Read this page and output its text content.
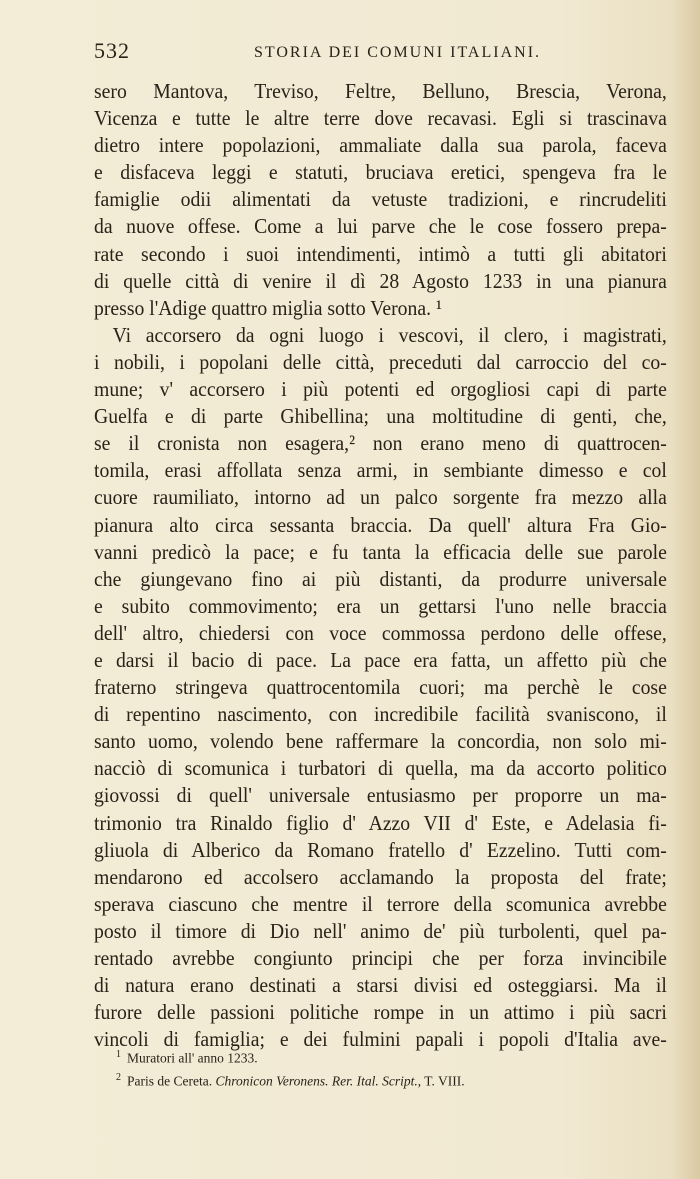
532	STORIA DEI COMUNI ITALIANI.
sero Mantova, Treviso, Feltre, Belluno, Brescia, Verona,
Vicenza e tutte le altre terre dove recavasi. Egli si trascinava
dietro intere popolazioni, ammaliate dalla sua parola, faceva
e disfaceva leggi e statuti, bruciava eretici, spengeva fra le
famiglie odii alimentati da vetuste tradizioni, e rincrudeliti
da nuove offese. Come a lui parve che le cose fossero prepa-
rate secondo i suoi intendimenti, intimò a tutti gli abitatori
di quelle città di venire il dì 28 Agosto 1233 in una pianura
presso l'Adige quattro miglia sotto Verona. ¹
Vi accorsero da ogni luogo i vescovi, il clero, i magistrati,
i nobili, i popolani delle città, preceduti dal carroccio del co-
mune; v' accorsero i più potenti ed orgogliosi capi di parte
Guelfa e di parte Ghibellina; una moltitudine di genti, che,
se il cronista non esagera,² non erano meno di quattrocen-
tomila, erasi affollata senza armi, in sembiante dimesso e col
cuore raumiliato, intorno ad un palco sorgente fra mezzo alla
pianura alto circa sessanta braccia. Da quell' altura Fra Gio-
vanni predicò la pace; e fu tanta la efficacia delle sue parole
che giungevano fino ai più distanti, da produrre universale
e subito commovimento; era un gettarsi l'uno nelle braccia
dell' altro, chiedersi con voce commossa perdono delle offese,
e darsi il bacio di pace. La pace era fatta, un affetto più che
fraterno stringeva quattrocentomila cuori; ma perchè le cose
di repentino nascimento, con incredibile facilità svaniscono, il
santo uomo, volendo bene raffermare la concordia, non solo mi-
nacciò di scomunica i turbatori di quella, ma da accorto politico
giovossi di quell' universale entusiasmo per proporre un ma-
trimonio tra Rinaldo figlio d' Azzo VII d' Este, e Adelasia fi-
gliuola di Alberico da Romano fratello d' Ezzelino. Tutti com-
mendarono ed accolsero acclamando la proposta del frate;
sperava ciascuno che mentre il terrore della scomunica avrebbe
posto il timore di Dio nell' animo de' più turbolenti, quel pa-
rentado avrebbe congiunto principi che per forza invincibile
di natura erano destinati a starsi divisi ed osteggiarsi. Ma il
furore delle passioni politiche rompe in un attimo i più sacri
vincoli di famiglia; e dei fulmini papali i popoli d'Italia ave-
$^1$ Muratori all' anno 1233.
$^2$ Paris de Cereta. Chronicon Veronens. Rer. Ital. Script., T. VIII.
